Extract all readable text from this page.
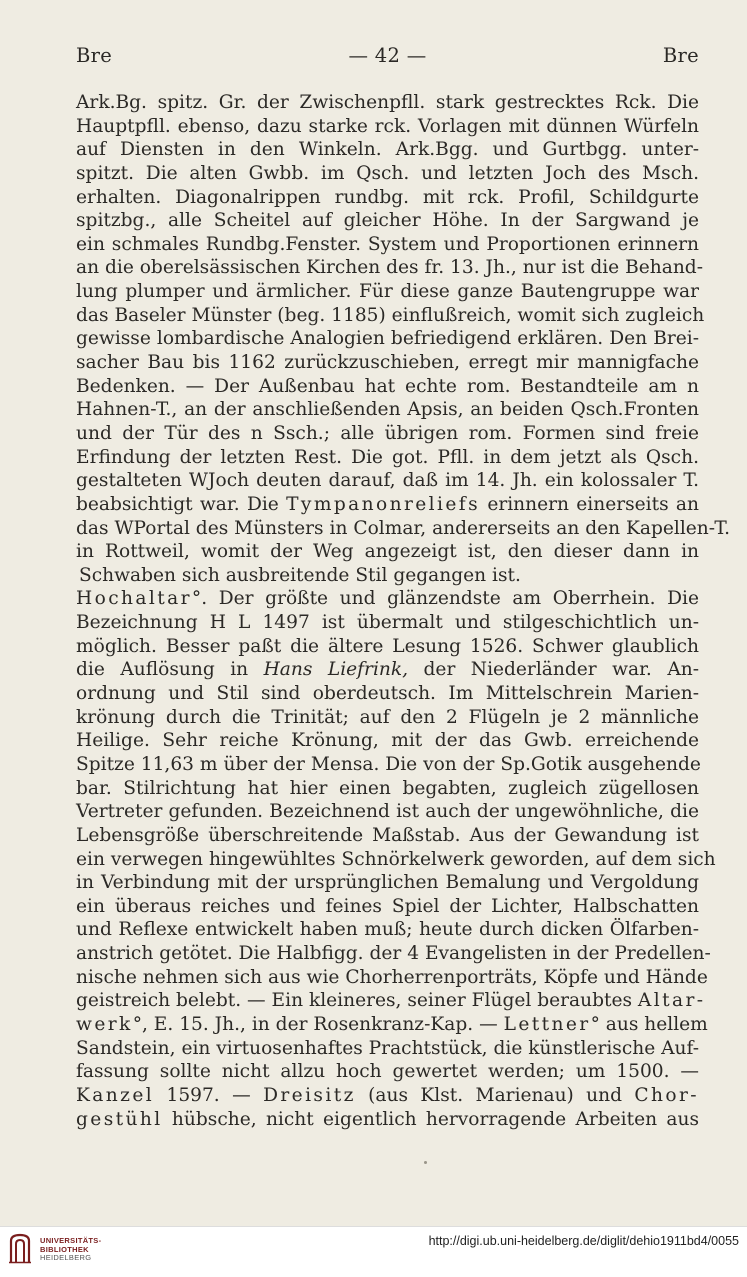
Bre	— 42 —	Bre
Ark.Bg. spitz. Gr. der Zwischenpfll. stark gestrecktes Rck. Die
Hauptpfll. ebenso, dazu starke rck. Vorlagen mit dünnen Würfeln
auf Diensten in den Winkeln. Ark.Bgg. und Gurtbgg. unter-
spitzt. Die alten Gwbb. im Qsch. und letzten Joch des Msch.
erhalten. Diagonalrippen rundbg. mit rck. Profil, Schildgurte
spitzbg., alle Scheitel auf gleicher Höhe. In der Sargwand je
ein schmales Rundbg.Fenster. System und Proportionen erinnern
an die oberelsässischen Kirchen des fr. 13. Jh., nur ist die Behand-
lung plumper und ärmlicher. Für diese ganze Bautengruppe war
das Baseler Münster (beg. 1185) einflußreich, womit sich zugleich
gewisse lombardische Analogien befriedigend erklären. Den Brei-
sacher Bau bis 1162 zurückzuschieben, erregt mir mannigfache
Bedenken. — Der Außenbau hat echte rom. Bestandteile am n
Hahnen-T., an der anschließenden Apsis, an beiden Qsch.Fronten
und der Tür des n Ssch.; alle übrigen rom. Formen sind freie
Erfindung der letzten Rest. Die got. Pfll. in dem jetzt als Qsch.
gestalteten WJoch deuten darauf, daß im 14. Jh. ein kolossaler T.
beabsichtigt war. Die Tympanonreliefs erinnern einerseits an
das WPortal des Münsters in Colmar, andererseits an den Kapellen-T.
in Rottweil, womit der Weg angezeigt ist, den dieser dann in
Schwaben sich ausbreitende Stil gegangen ist.
Hochaltar°. Der größte und glänzendste am Oberrhein. Die
Bezeichnung H L 1497 ist übermalt und stilgeschichtlich un-
möglich. Besser paßt die ältere Lesung 1526. Schwer glaublich
die Auflösung in Hans Liefrink, der Niederländer war. An-
ordnung und Stil sind oberdeutsch. Im Mittelschrein Marien-
krönung durch die Trinität; auf den 2 Flügeln je 2 männliche
Heilige. Sehr reiche Krönung, mit der das Gwb. erreichende
Spitze 11,63 m über der Mensa. Die von der Sp.Gotik ausgehende
bar. Stilrichtung hat hier einen begabten, zugleich zügellosen
Vertreter gefunden. Bezeichnend ist auch der ungewöhnliche, die
Lebensgröße überschreitende Maßstab. Aus der Gewandung ist
ein verwegen hingewühltes Schnörkelwerk geworden, auf dem sich
in Verbindung mit der ursprünglichen Bemalung und Vergoldung
ein überaus reiches und feines Spiel der Lichter, Halbschatten
und Reflexe entwickelt haben muß; heute durch dicken Ölfarben-
anstrich getötet. Die Halbfigg. der 4 Evangelisten in der Predellen-
nische nehmen sich aus wie Chorherrenporträts, Köpfe und Hände
geistreich belebt. — Ein kleineres, seiner Flügel beraubtes Altar-
werk°, E. 15. Jh., in der Rosenkranz-Kap. — Lettner° aus hellem
Sandstein, ein virtuosenhaftes Prachtstück, die künstlerische Auf-
fassung sollte nicht allzu hoch gewertet werden; um 1500. —
Kanzel 1597. — Dreisitz (aus Klst. Marienau) und Chor-
gestühl hübsche, nicht eigentlich hervorragende Arbeiten aus
UNIVERSITÄTS-
BIBLIOTHEK
HEIDELBERG
http://digi.ub.uni-heidelberg.de/diglit/dehio1911bd4/0055
